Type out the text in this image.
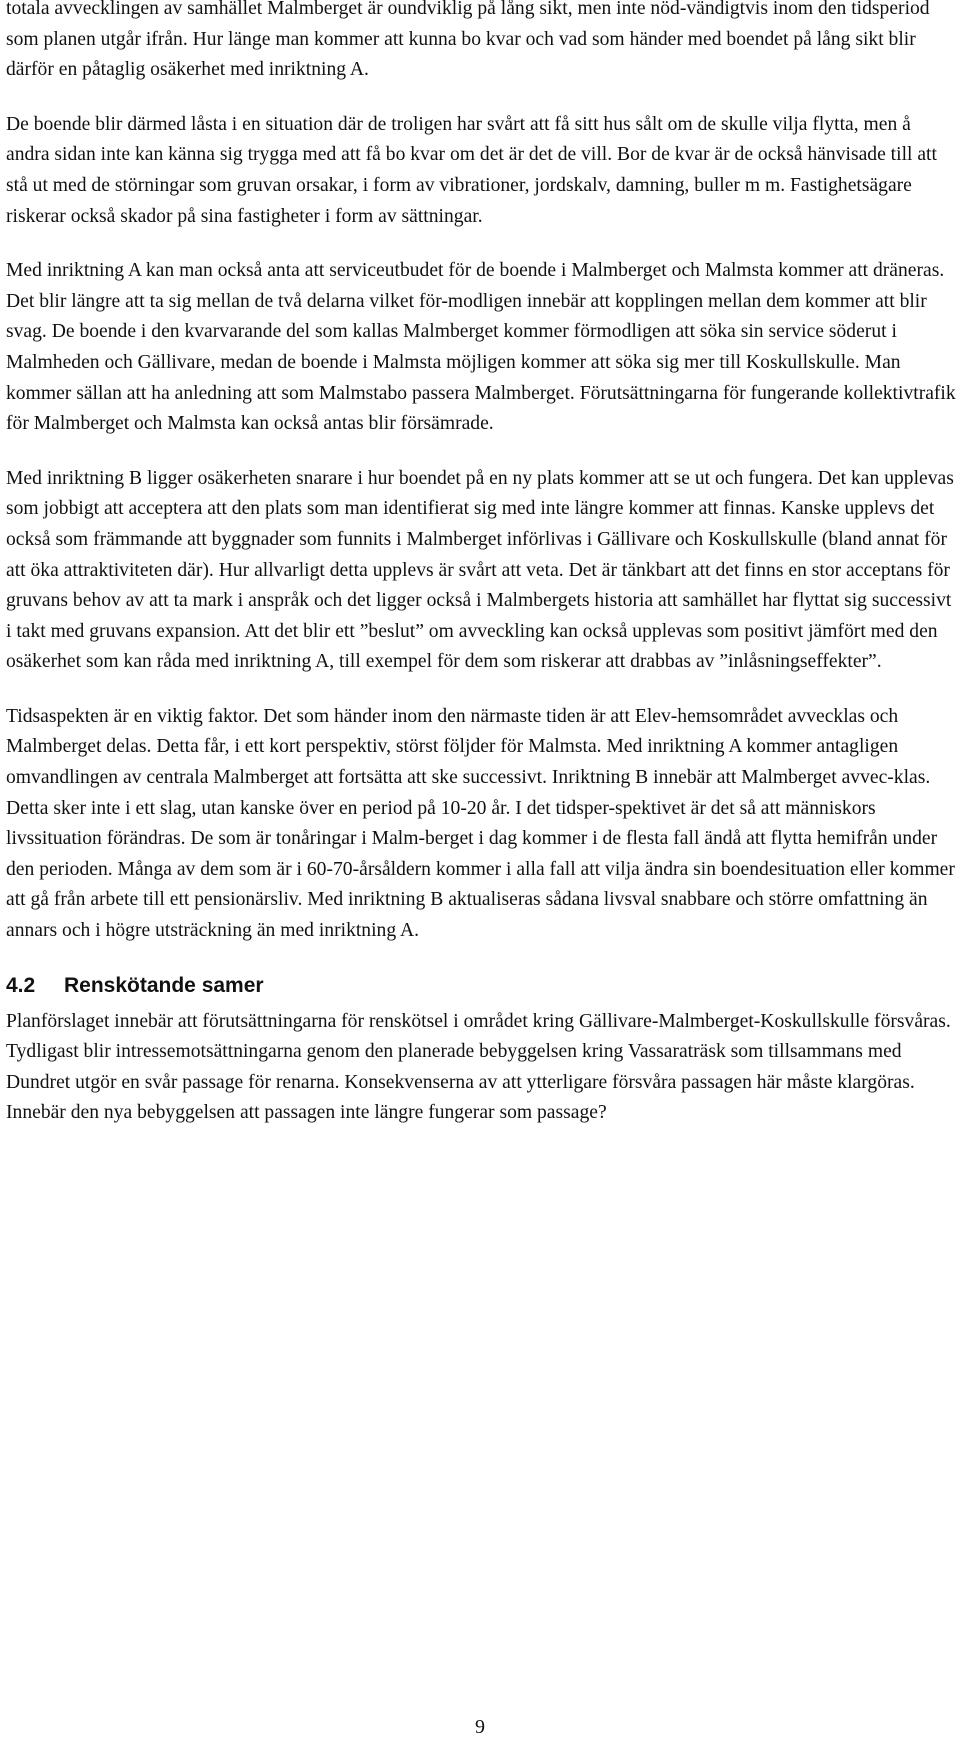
totala avvecklingen av samhället Malmberget är oundviklig på lång sikt, men inte nöd-vändigtvis inom den tidsperiod som planen utgår ifrån. Hur länge man kommer att kunna bo kvar och vad som händer med boendet på lång sikt blir därför en påtaglig osäkerhet med inriktning A.

De boende blir därmed låsta i en situation där de troligen har svårt att få sitt hus sålt om de skulle vilja flytta, men å andra sidan inte kan känna sig trygga med att få bo kvar om det är det de vill. Bor de kvar är de också hänvisade till att stå ut med de störningar som gruvan orsakar, i form av vibrationer, jordskalv, damning, buller m m. Fastighetsägare riskerar också skador på sina fastigheter i form av sättningar.

Med inriktning A kan man också anta att serviceutbudet för de boende i Malmberget och Malmsta kommer att dräneras. Det blir längre att ta sig mellan de två delarna vilket för-modligen innebär att kopplingen mellan dem kommer att blir svag. De boende i den kvarvarande del som kallas Malmberget kommer förmodligen att söka sin service söderut i Malmheden och Gällivare, medan de boende i Malmsta möjligen kommer att söka sig mer till Koskullskulle. Man kommer sällan att ha anledning att som Malmstabo passera Malmberget. Förutsättningarna för fungerande kollektivtrafik för Malmberget och Malmsta kan också antas blir försämrade.

Med inriktning B ligger osäkerheten snarare i hur boendet på en ny plats kommer att se ut och fungera. Det kan upplevas som jobbigt att acceptera att den plats som man identifierat sig med inte längre kommer att finnas. Kanske upplevs det också som främmande att byggnader som funnits i Malmberget införlivas i Gällivare och Koskullskulle (bland annat för att öka attraktiviteten där). Hur allvarligt detta upplevs är svårt att veta. Det är tänkbart att det finns en stor acceptans för gruvans behov av att ta mark i anspråk och det ligger också i Malmbergets historia att samhället har flyttat sig successivt i takt med gruvans expansion. Att det blir ett ”beslut” om avveckling kan också upplevas som positivt jämfört med den osäkerhet som kan råda med inriktning A, till exempel för dem som riskerar att drabbas av ”inlåsningseffekter”.

Tidsaspekten är en viktig faktor. Det som händer inom den närmaste tiden är att Elev-hemsområdet avvecklas och Malmberget delas. Detta får, i ett kort perspektiv, störst följder för Malmsta. Med inriktning A kommer antagligen omvandlingen av centrala Malmberget att fortsätta att ske successivt. Inriktning B innebär att Malmberget avvec-klas. Detta sker inte i ett slag, utan kanske över en period på 10-20 år. I det tidsper-spektivet är det så att människors livssituation förändras. De som är tonåringar i Malm-berget i dag kommer i de flesta fall ändå att flytta hemifrån under den perioden. Många av dem som är i 60-70-årsåldern kommer i alla fall att vilja ändra sin boendesituation eller kommer att gå från arbete till ett pensionärsliv. Med inriktning B aktualiseras sådana livsval snabbare och större omfattning än annars och i högre utsträckning än med inriktning A.

4.2	Renskötande samer

Planförslaget innebär att förutsättningarna för renskötsel i området kring Gällivare-Malmberget-Koskullskulle försvåras. Tydligast blir intressemotsättningarna genom den planerade bebyggelsen kring Vassaraträsk som tillsammans med Dundret utgör en svår passage för renarna. Konsekvenserna av att ytterligare försvåra passagen här måste klargöras. Innebär den nya bebyggelsen att passagen inte längre fungerar som passage?

9
